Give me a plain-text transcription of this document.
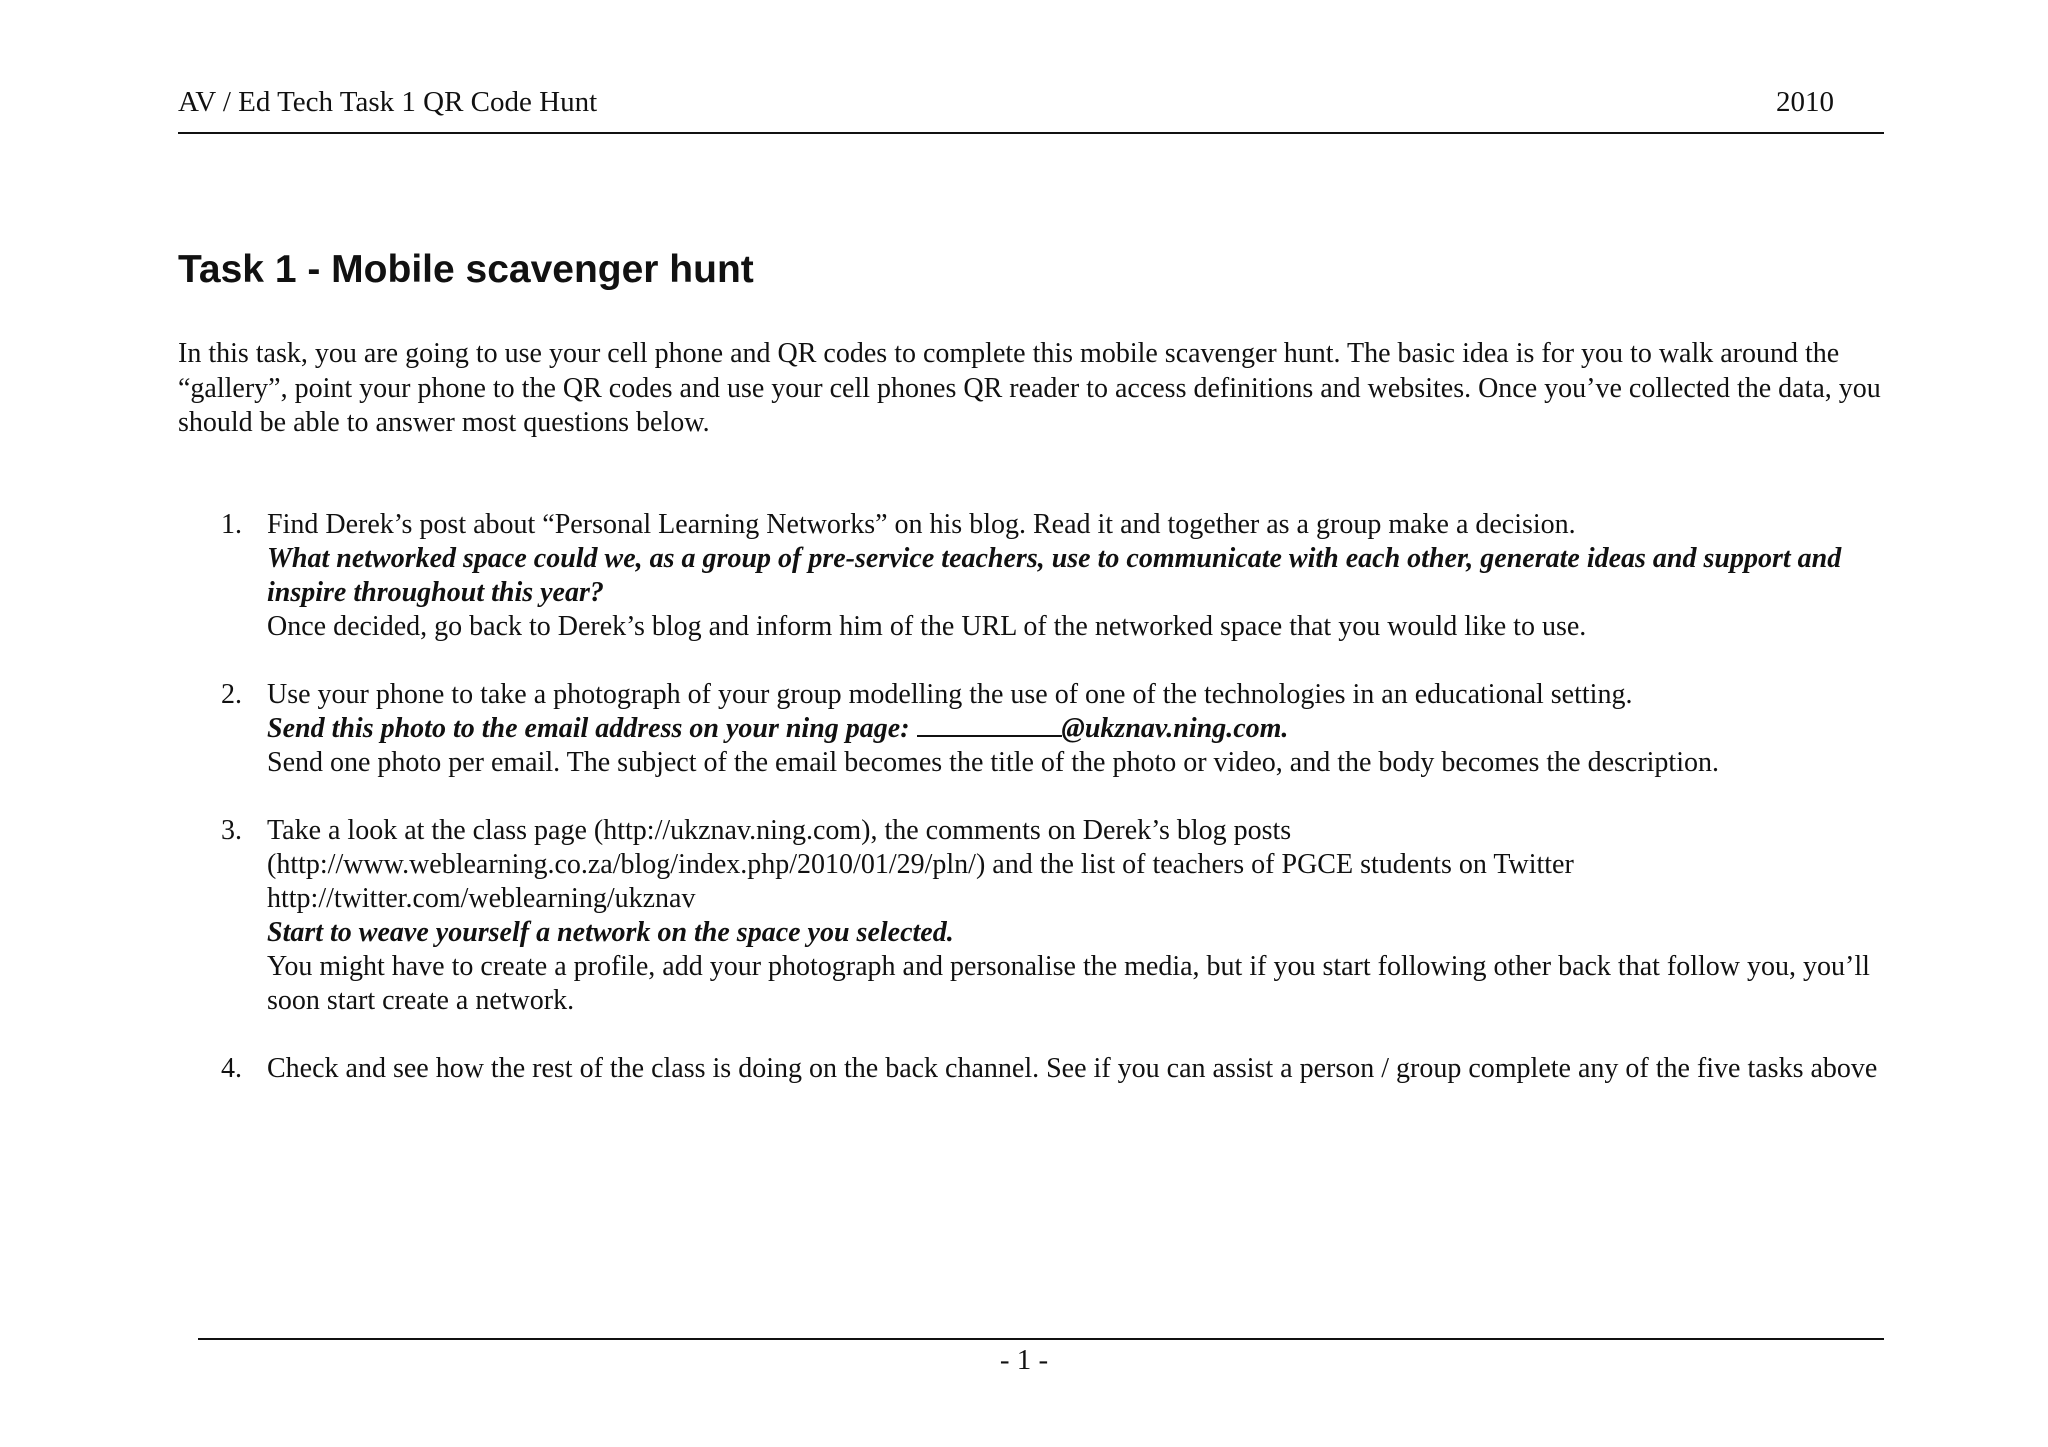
AV / Ed Tech Task 1 QR Code Hunt	2010
Task 1 - Mobile scavenger hunt

In this task, you are going to use your cell phone and QR codes to complete this mobile scavenger hunt. The basic idea is for you to walk around the “gallery”, point your phone to the QR codes and use your cell phones QR reader to access definitions and websites. Once you’ve collected the data, you should be able to answer most questions below.

1. Find Derek’s post about “Personal Learning Networks” on his blog. Read it and together as a group make a decision.
What networked space could we, as a group of pre-service teachers, use to communicate with each other, generate ideas and support and inspire throughout this year?
Once decided, go back to Derek’s blog and inform him of the URL of the networked space that you would like to use.
2. Use your phone to take a photograph of your group modelling the use of one of the technologies in an educational setting.
Send this photo to the email address on your ning page:	@ukznav.ning.com.
Send one photo per email. The subject of the email becomes the title of the photo or video, and the body becomes the description.
3. Take a look at the class page (http://ukznav.ning.com), the comments on Derek’s blog posts (http://www.weblearning.co.za/blog/index.php/2010/01/29/pln/) and the list of teachers of PGCE students on Twitter http://twitter.com/weblearning/ukznav
Start to weave yourself a network on the space you selected.
You might have to create a profile, add your photograph and personalise the media, but if you start following other back that follow you, you’ll soon start create a network.
4. Check and see how the rest of the class is doing on the back channel. See if you can assist a person / group complete any of the five tasks above
- 1 -
